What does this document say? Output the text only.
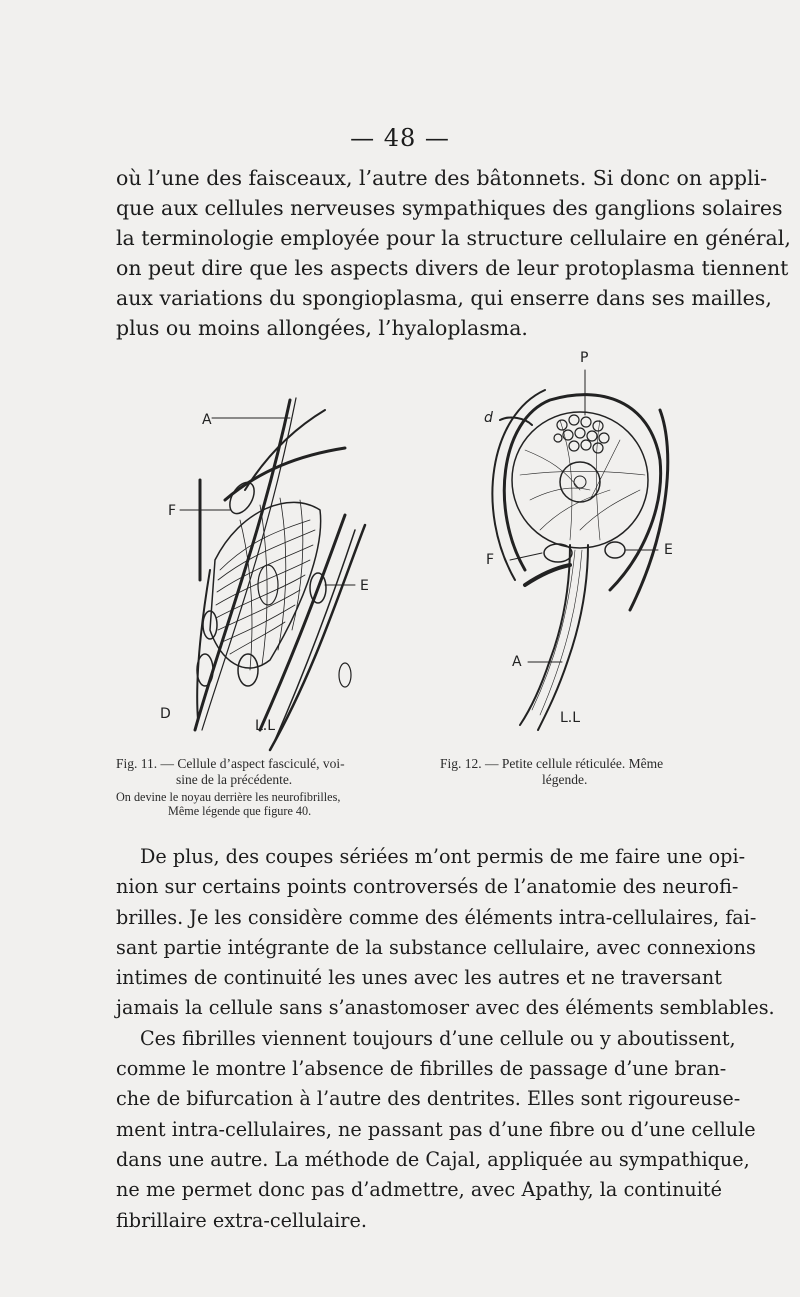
— 48 —

où l’une des faisceaux, l’autre des bâtonnets. Si donc on appli-
que aux cellules nerveuses sympathiques des ganglions solaires
la terminologie employée pour la structure cellulaire en général,
on peut dire que les aspects divers de leur protoplasma tiennent
aux variations du spongioplasma, qui enserre dans ses mailles,
plus ou moins allongées, l’hyaloplasma.

A
F
E
D
L.L
P
d
F
E
A
L.L
Fig. 11. — Cellule d’aspect fasciculé, voi-
sine de la précédente.
On devine le noyau derrière les neurofibrilles,
Même légende que figure 40.
Fig. 12. — Petite cellule réticulée. Même
légende.
De plus, des coupes sériées m’ont permis de me faire une opi-
nion sur certains points controversés de l’anatomie des neurofi-
brilles. Je les considère comme des éléments intra-cellulaires, fai-
sant partie intégrante de la substance cellulaire, avec connexions
intimes de continuité les unes avec les autres et ne traversant
jamais la cellule sans s’anastomoser avec des éléments semblables.
Ces fibrilles viennent toujours d’une cellule ou y aboutissent,
comme le montre l’absence de fibrilles de passage d’une bran-
che de bifurcation à l’autre des dentrites. Elles sont rigoureuse-
ment intra-cellulaires, ne passant pas d’une fibre ou d’une cellule
dans une autre. La méthode de Cajal, appliquée au sympathique,
ne me permet donc pas d’admettre, avec Apathy, la continuité
fibrillaire extra-cellulaire.
